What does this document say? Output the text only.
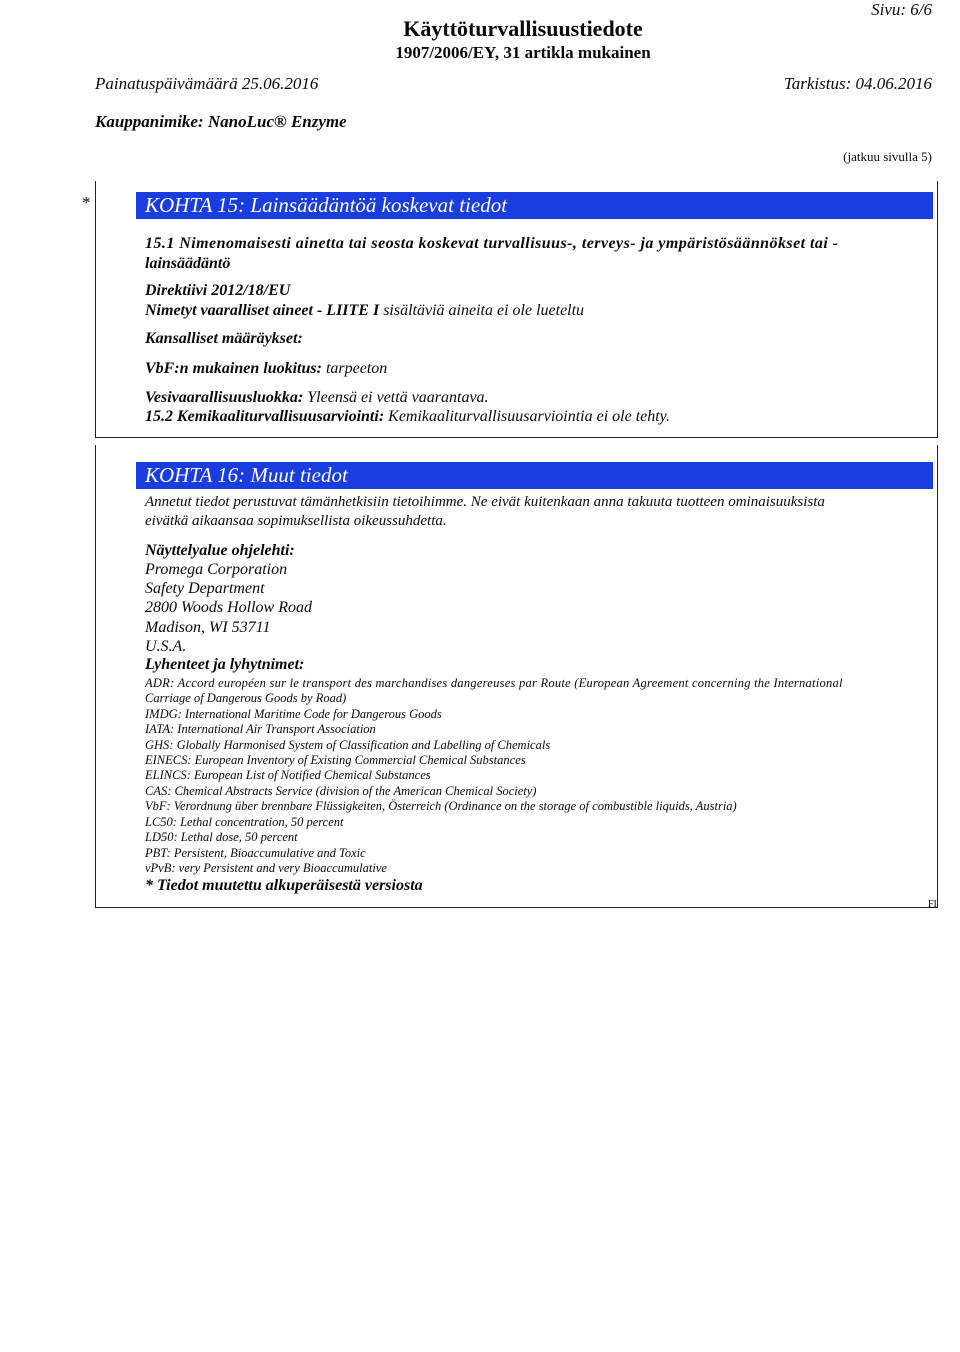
Sivu: 6/6
Käyttöturvallisuustiedote
1907/2006/EY, 31 artikla mukainen
Painatuspäivämäärä 25.06.2016	Tarkistus: 04.06.2016
Kauppanimike: NanoLuc® Enzyme
(jatkuu sivulla 5)
*	KOHTA 15: Lainsäädäntöä koskevat tiedot
15.1 Nimenomaisesti ainetta tai seosta koskevat turvallisuus-, terveys- ja ympäristösäännökset tai -
lainsäädäntö
Direktiivi 2012/18/EU
Nimetyt vaaralliset aineet - LIITE I sisältäviä aineita ei ole lueteltu
Kansalliset määräykset:
VbF:n mukainen luokitus: tarpeeton
Vesivaarallisuusluokka: Yleensä ei vettä vaarantava.
15.2 Kemikaaliturvallisuusarviointi: Kemikaaliturvallisuusarviointia ei ole tehty.
KOHTA 16: Muut tiedot
Annetut tiedot perustuvat tämänhetkisiin tietoihimme. Ne eivät kuitenkaan anna takuuta tuotteen ominaisuuksista
eivätkä aikaansaa sopimuksellista oikeussuhdetta.
Näyttelyalue ohjelehti:
Promega Corporation
Safety Department
2800 Woods Hollow Road
Madison, WI 53711
U.S.A.
Lyhenteet ja lyhytnimet:
ADR: Accord européen sur le transport des marchandises dangereuses par Route (European Agreement concerning the International
Carriage of Dangerous Goods by Road)
IMDG: International Maritime Code for Dangerous Goods
IATA: International Air Transport Association
GHS: Globally Harmonised System of Classification and Labelling of Chemicals
EINECS: European Inventory of Existing Commercial Chemical Substances
ELINCS: European List of Notified Chemical Substances
CAS: Chemical Abstracts Service (division of the American Chemical Society)
VbF: Verordnung über brennbare Flüssigkeiten, Österreich (Ordinance on the storage of combustible liquids, Austria)
LC50: Lethal concentration, 50 percent
LD50: Lethal dose, 50 percent
PBT: Persistent, Bioaccumulative and Toxic
vPvB: very Persistent and very Bioaccumulative
* Tiedot muutettu alkuperäisestä versiosta
FI
